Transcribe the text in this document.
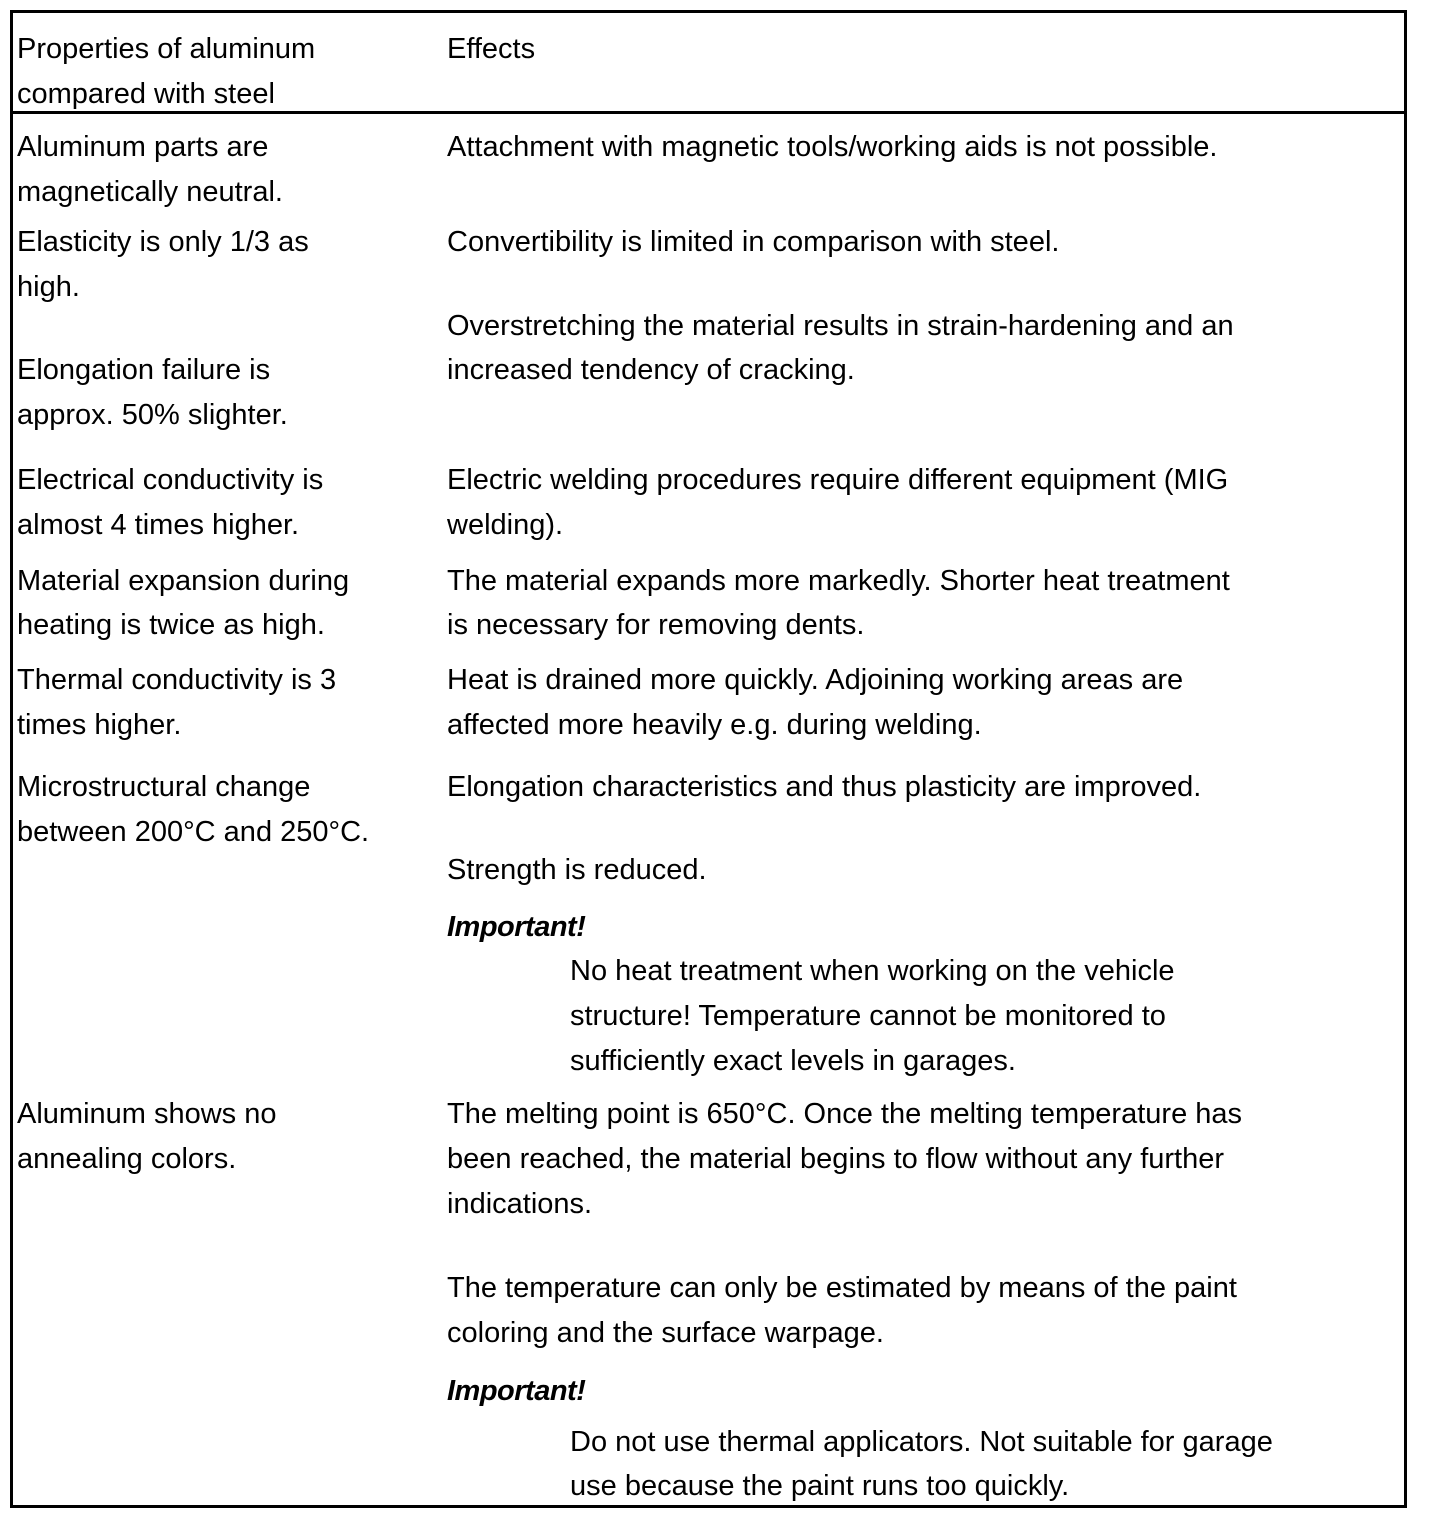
Properties of aluminum
compared with steel
Effects
Aluminum parts are
magnetically neutral.
Attachment with magnetic tools/working aids is not possible.
Elasticity is only 1/3 as
high.
Convertibility is limited in comparison with steel.
Elongation failure is
approx. 50% slighter.
Overstretching the material results in strain-hardening and an
increased tendency of cracking.
Electrical conductivity is
almost 4 times higher.
Electric welding procedures require different equipment (MIG
welding).
Material expansion during
heating is twice as high.
The material expands more markedly. Shorter heat treatment
is necessary for removing dents.
Thermal conductivity is 3
times higher.
Heat is drained more quickly. Adjoining working areas are
affected more heavily e.g. during welding.
Microstructural change
between 200°C and 250°C.
Elongation characteristics and thus plasticity are improved.
Strength is reduced.
Important!
No heat treatment when working on the vehicle
structure! Temperature cannot be monitored to
sufficiently exact levels in garages.
Aluminum shows no
annealing colors.
The melting point is 650°C. Once the melting temperature has
been reached, the material begins to flow without any further
indications.
The temperature can only be estimated by means of the paint
coloring and the surface warpage.
Important!
Do not use thermal applicators. Not suitable for garage
use because the paint runs too quickly.
